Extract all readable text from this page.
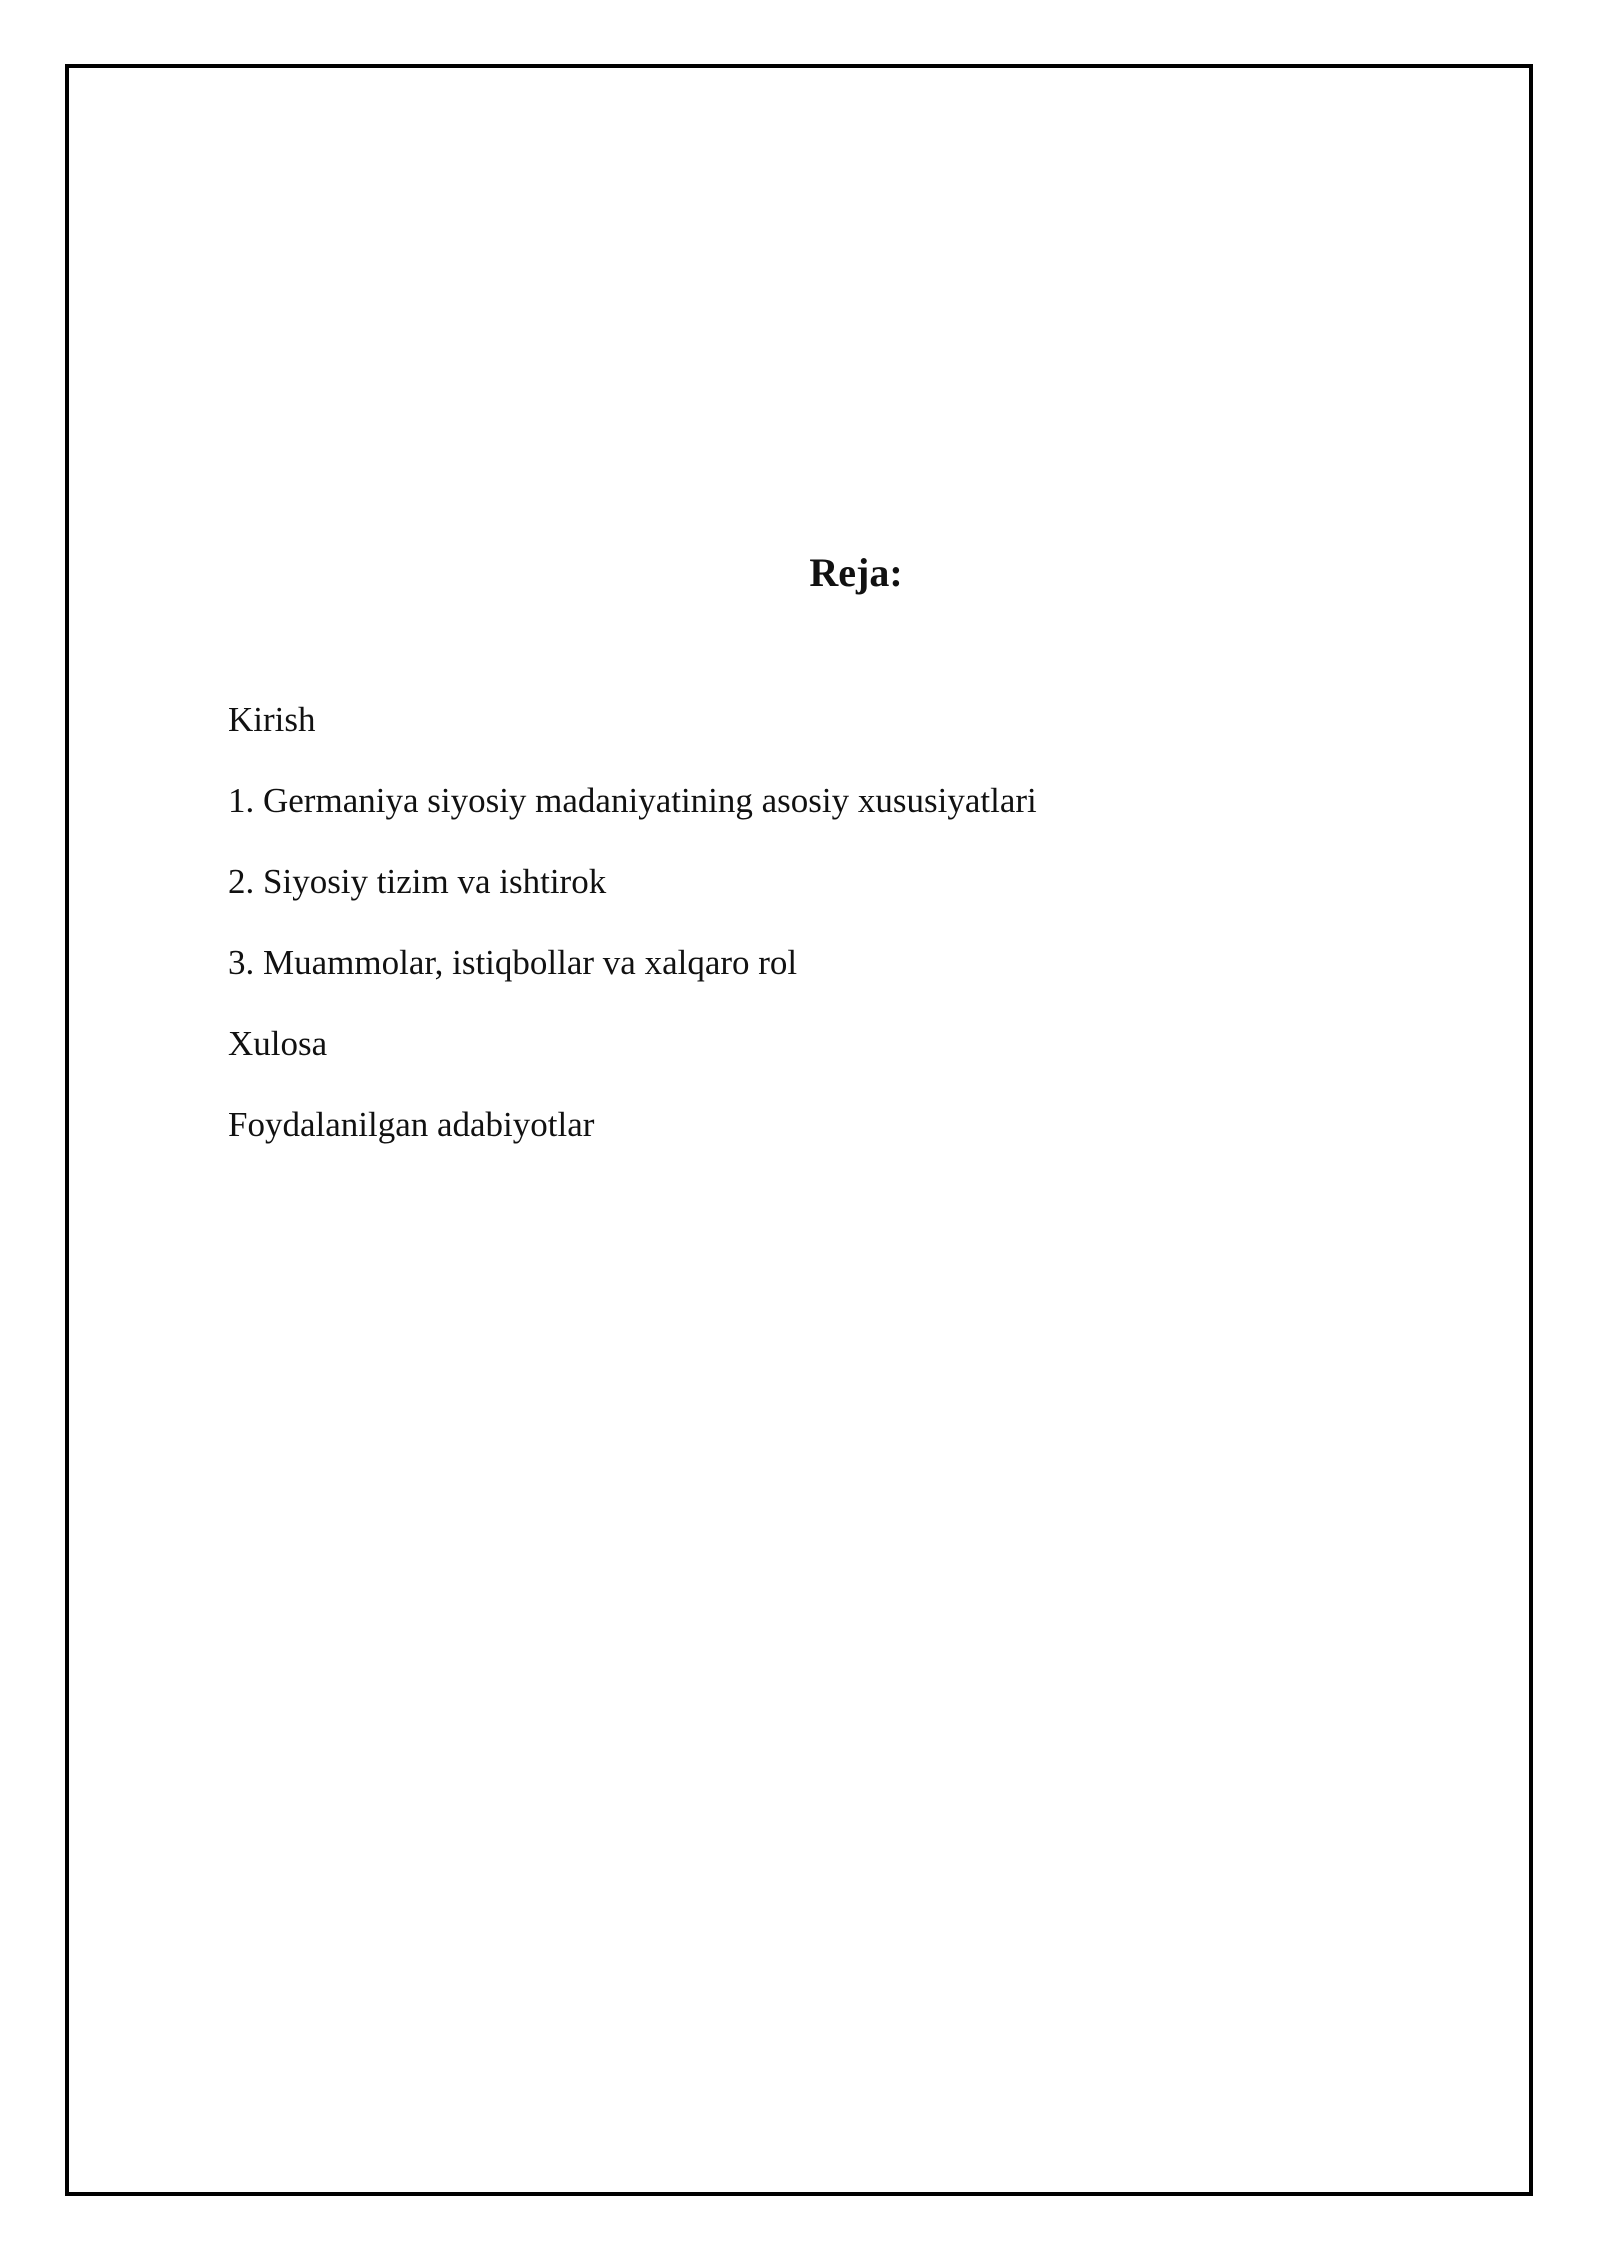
Reja:
Kirish
1. Germaniya siyosiy madaniyatining asosiy xususiyatlari
2. Siyosiy tizim va ishtirok
3. Muammolar, istiqbollar va xalqaro rol
Xulosa
Foydalanilgan adabiyotlar
